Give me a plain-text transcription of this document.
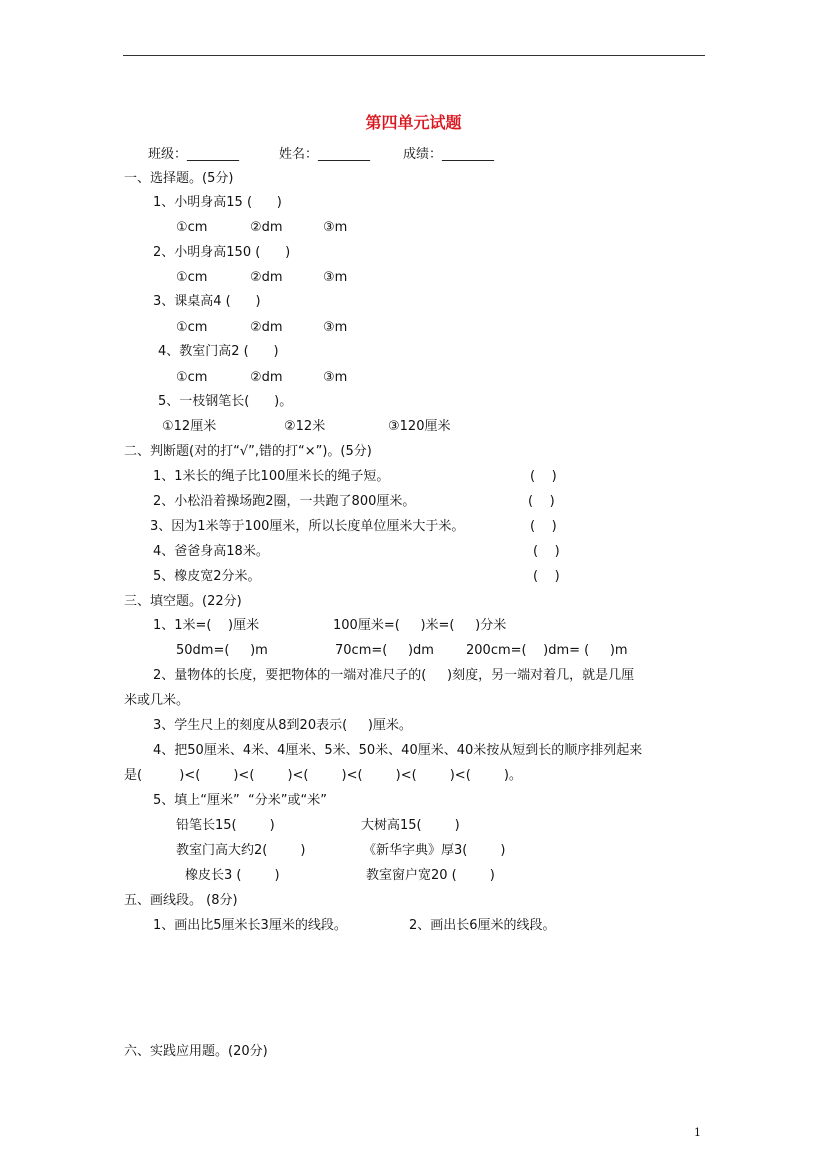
第四单元试题
班级：________	姓名：________	成绩：________
一、选择题。(5分)
1、小明身高15 (      )
①cm	②dm	③m
2、小明身高150 (      )
①cm	②dm	③m
3、课桌高4 (      )
①cm	②dm	③m
4、教室门高2 (      )
①cm	②dm	③m
5、一枝钢笔长(      )。
①12厘米	②12米	③120厘米
二、判断题(对的打“√”,错的打“×”)。(5分)
1、1米长的绳子比100厘米长的绳子短。	(    )
2、小松沿着操场跑2圈，一共跑了800厘米。	(    )
3、因为1米等于100厘米，所以长度单位厘米大于米。	(    )
4、爸爸身高18米。	(    )
5、橡皮宽2分米。	(    )
三、填空题。(22分)
1、1米=(    )厘米	100厘米=(     )米=(     )分米
50dm=(     )m	70cm=(     )dm 200cm=(    )dm= (     )m
2、量物体的长度，要把物体的一端对准尺子的(     )刻度，另一端对着几，就是几厘
米或几米。
3、学生尺上的刻度从8到20表示(     )厘米。
4、把50厘米、4米、4厘米、5米、50米、40厘米、40米按从短到长的顺序排列起来
是(         )<(        )<(        )<(        )<(        )<(        )<(        )。
5、填上“厘米”  “分米”或“米”
铅笔长15(        )	大树高15(        )
教室门高大约2(        )	《新华字典》厚3(        )
橡皮长3 (        )	教室窗户宽20 (        )
五、画线段。 (8分)
1、画出比5厘米长3厘米的线段。	2、画出长6厘米的线段。
六、实践应用题。(20分)
1
